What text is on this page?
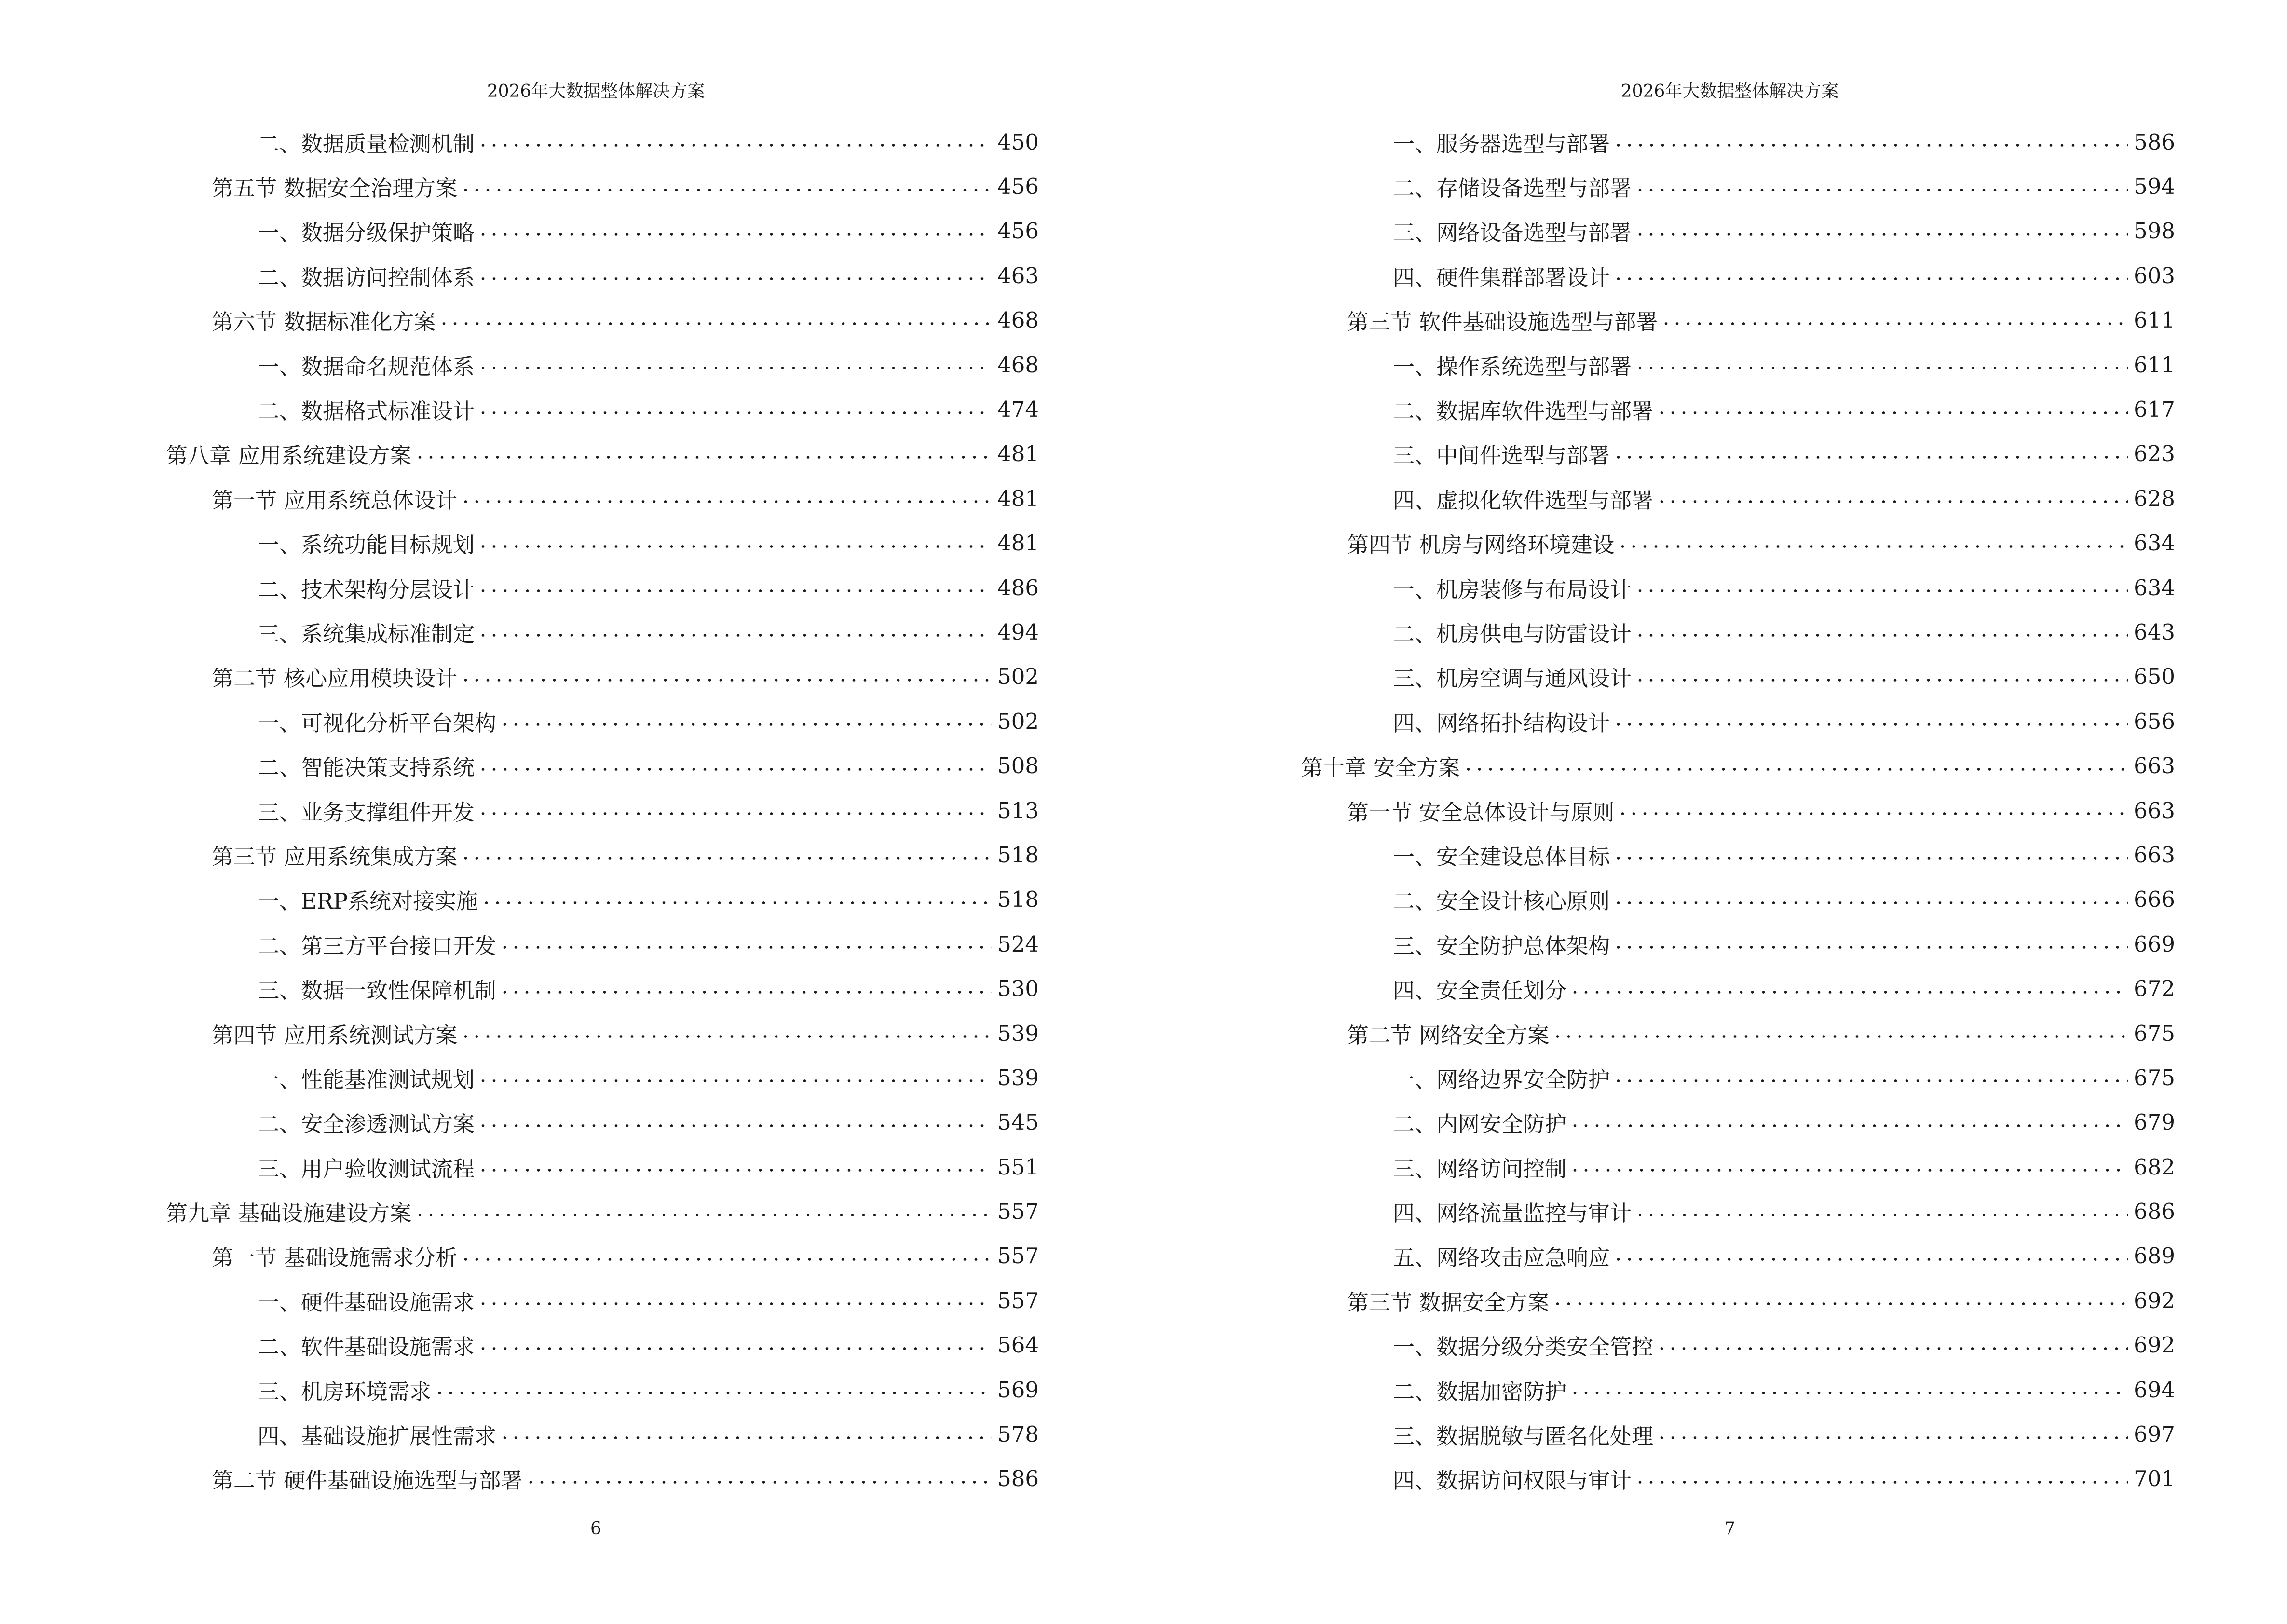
2026年大数据整体解决方案
二、数据质量检测机制	450
第五节 数据安全治理方案	456
一、数据分级保护策略	456
二、数据访问控制体系	463
第六节 数据标准化方案	468
一、数据命名规范体系	468
二、数据格式标准设计	474
第八章 应用系统建设方案	481
第一节 应用系统总体设计	481
一、系统功能目标规划	481
二、技术架构分层设计	486
三、系统集成标准制定	494
第二节 核心应用模块设计	502
一、可视化分析平台架构	502
二、智能决策支持系统	508
三、业务支撑组件开发	513
第三节 应用系统集成方案	518
一、ERP系统对接实施	518
二、第三方平台接口开发	524
三、数据一致性保障机制	530
第四节 应用系统测试方案	539
一、性能基准测试规划	539
二、安全渗透测试方案	545
三、用户验收测试流程	551
第九章 基础设施建设方案	557
第一节 基础设施需求分析	557
一、硬件基础设施需求	557
二、软件基础设施需求	564
三、机房环境需求	569
四、基础设施扩展性需求	578
第二节 硬件基础设施选型与部署	586
6
2026年大数据整体解决方案
一、服务器选型与部署	586
二、存储设备选型与部署	594
三、网络设备选型与部署	598
四、硬件集群部署设计	603
第三节 软件基础设施选型与部署	611
一、操作系统选型与部署	611
二、数据库软件选型与部署	617
三、中间件选型与部署	623
四、虚拟化软件选型与部署	628
第四节 机房与网络环境建设	634
一、机房装修与布局设计	634
二、机房供电与防雷设计	643
三、机房空调与通风设计	650
四、网络拓扑结构设计	656
第十章 安全方案	663
第一节 安全总体设计与原则	663
一、安全建设总体目标	663
二、安全设计核心原则	666
三、安全防护总体架构	669
四、安全责任划分	672
第二节 网络安全方案	675
一、网络边界安全防护	675
二、内网安全防护	679
三、网络访问控制	682
四、网络流量监控与审计	686
五、网络攻击应急响应	689
第三节 数据安全方案	692
一、数据分级分类安全管控	692
二、数据加密防护	694
三、数据脱敏与匿名化处理	697
四、数据访问权限与审计	701
7
